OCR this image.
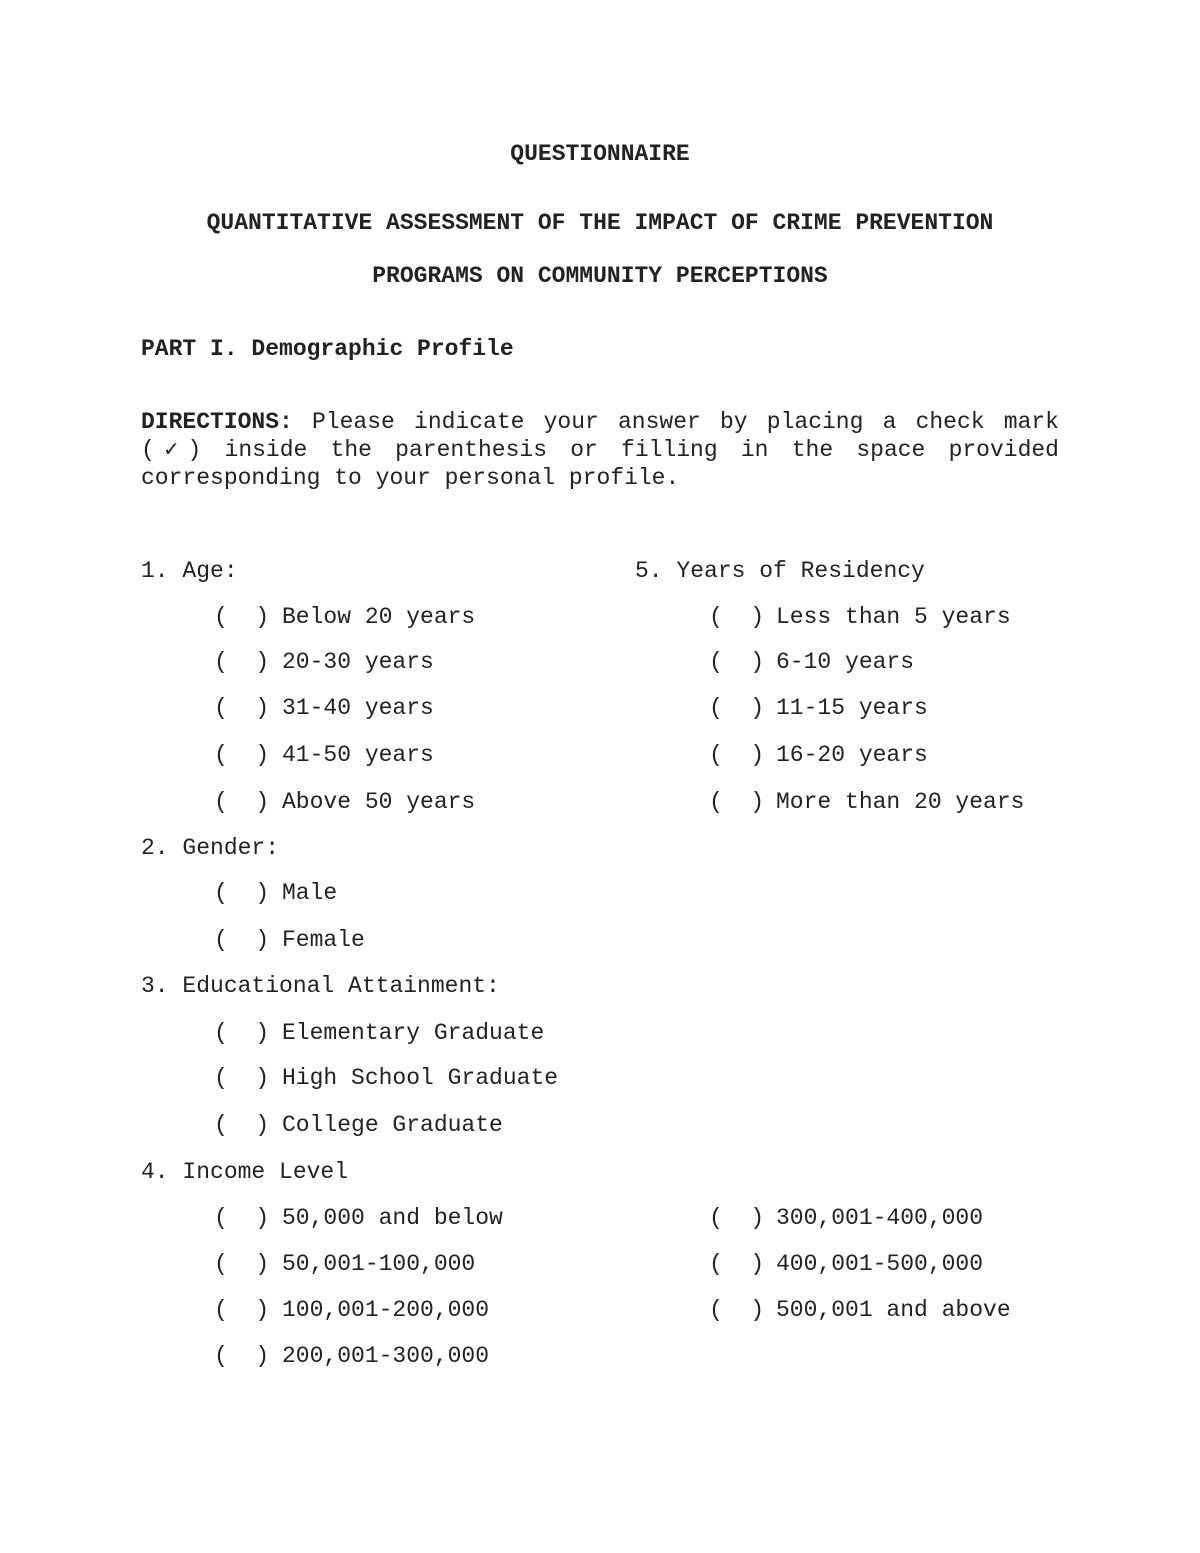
QUESTIONNAIRE
QUANTITATIVE ASSESSMENT OF THE IMPACT OF CRIME PREVENTION
PROGRAMS ON COMMUNITY PERCEPTIONS
PART I. Demographic Profile
DIRECTIONS: Please indicate your answer by placing a check mark (✓) inside the parenthesis or filling in the space provided corresponding to your personal profile.
1. Age:
(  ) Below 20 years
(  ) 20-30 years
(  ) 31-40 years
(  ) 41-50 years
(  ) Above 50 years
5. Years of Residency
(  ) Less than 5 years
(  ) 6-10 years
(  ) 11-15 years
(  ) 16-20 years
(  ) More than 20 years
2. Gender:
(  ) Male
(  ) Female
3. Educational Attainment:
(  ) Elementary Graduate
(  ) High School Graduate
(  ) College Graduate
4. Income Level
(  ) 50,000 and below
(  ) 50,001-100,000
(  ) 100,001-200,000
(  ) 200,001-300,000
(  ) 300,001-400,000
(  ) 400,001-500,000
(  ) 500,001 and above
